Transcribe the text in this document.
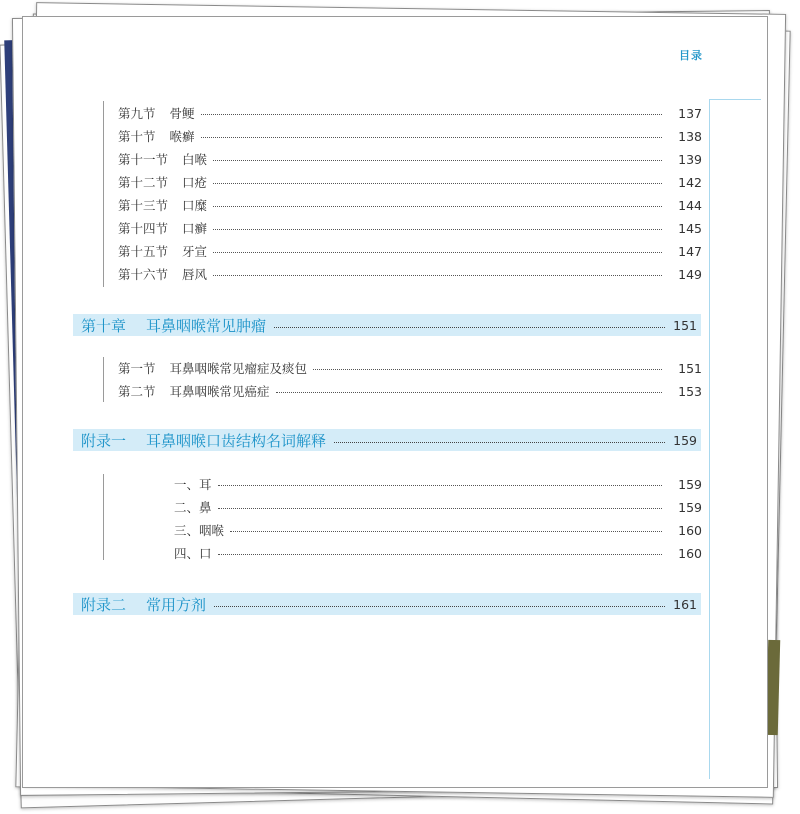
目录
第九节 骨鲠	137
第十节 喉癣	138
第十一节 白喉	139
第十二节 口疮	142
第十三节 口糜	144
第十四节 口癣	145
第十五节 牙宣	147
第十六节 唇风	149
第十章 耳鼻咽喉常见肿瘤	151
第一节 耳鼻咽喉常见瘤症及痰包	151
第二节 耳鼻咽喉常见癌症	153
附录一 耳鼻咽喉口齿结构名词解释	159
一、耳	159
二、鼻	159
三、咽喉	160
四、口	160
附录二 常用方剂	161
